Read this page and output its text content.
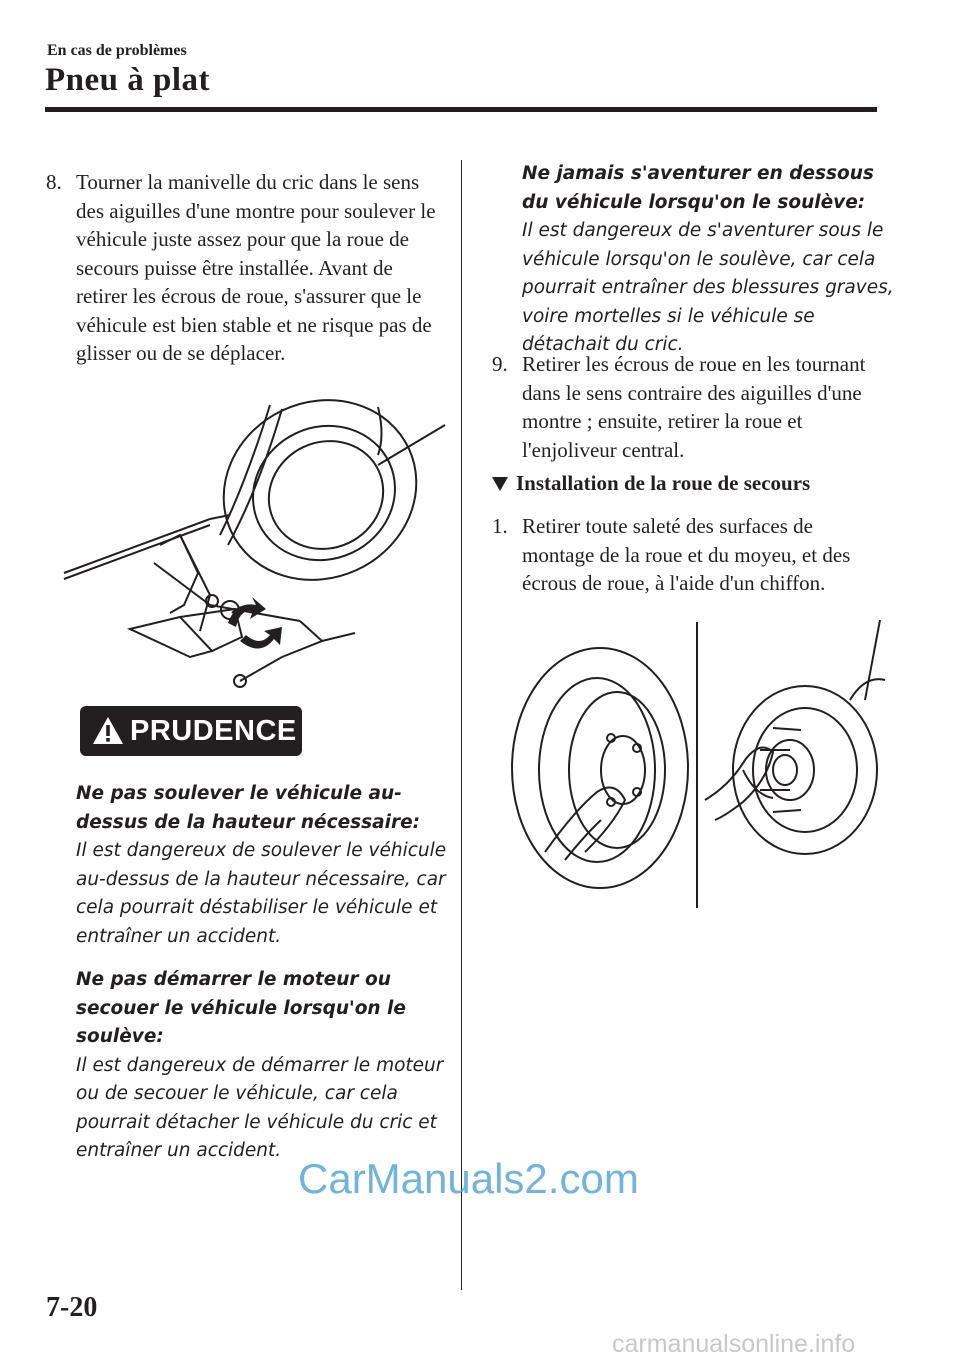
En cas de problèmes
Pneu à plat
8. Tourner la manivelle du cric dans le sens des aiguilles d'une montre pour soulever le véhicule juste assez pour que la roue de secours puisse être installée. Avant de retirer les écrous de roue, s'assurer que le véhicule est bien stable et ne risque pas de glisser ou de se déplacer.
PRUDENCE
Ne pas soulever le véhicule au-dessus de la hauteur nécessaire:
Il est dangereux de soulever le véhicule au-dessus de la hauteur nécessaire, car cela pourrait déstabiliser le véhicule et entraîner un accident.
Ne pas démarrer le moteur ou secouer le véhicule lorsqu'on le soulève:
Il est dangereux de démarrer le moteur ou de secouer le véhicule, car cela pourrait détacher le véhicule du cric et entraîner un accident.
Ne jamais s'aventurer en dessous du véhicule lorsqu'on le soulève:
Il est dangereux de s'aventurer sous le véhicule lorsqu'on le soulève, car cela pourrait entraîner des blessures graves, voire mortelles si le véhicule se détachait du cric.
9. Retirer les écrous de roue en les tournant dans le sens contraire des aiguilles d'une montre ; ensuite, retirer la roue et l'enjoliveur central.
Installation de la roue de secours
1. Retirer toute saleté des surfaces de montage de la roue et du moyeu, et des écrous de roue, à l'aide d'un chiffon.
CarManuals2.com
7-20
carmanualsonline.info
